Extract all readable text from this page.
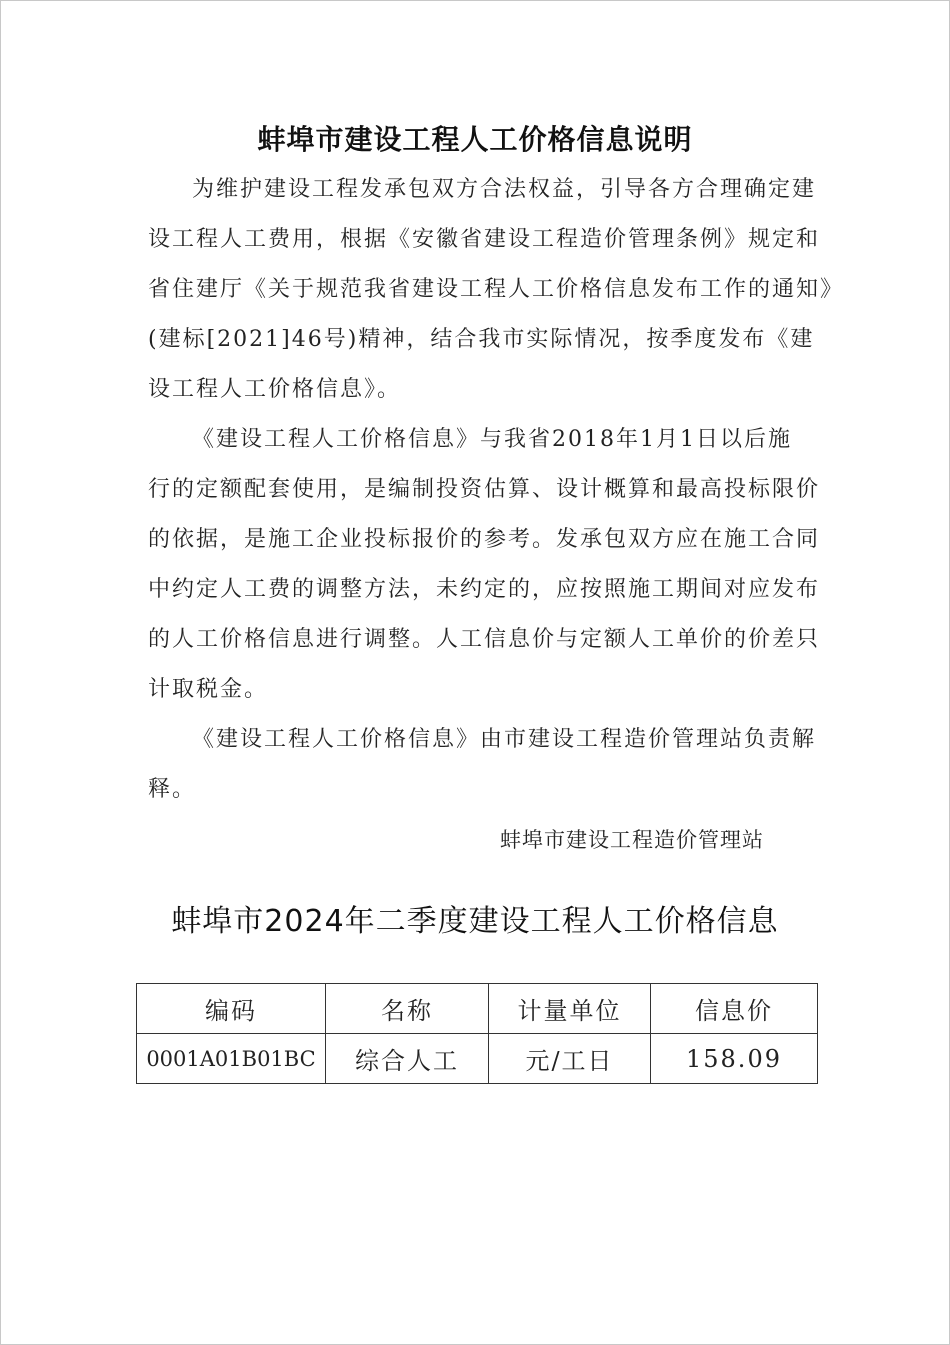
蚌埠市建设工程人工价格信息说明
为维护建设工程发承包双方合法权益，引导各方合理确定建
设工程人工费用，根据《安徽省建设工程造价管理条例》规定和
省住建厅《关于规范我省建设工程人工价格信息发布工作的通知》
(建标[2021]46号)精神，结合我市实际情况，按季度发布《建
设工程人工价格信息》。
《建设工程人工价格信息》与我省2018年1月1日以后施
行的定额配套使用，是编制投资估算、设计概算和最高投标限价
的依据，是施工企业投标报价的参考。发承包双方应在施工合同
中约定人工费的调整方法，未约定的，应按照施工期间对应发布
的人工价格信息进行调整。人工信息价与定额人工单价的价差只
计取税金。
《建设工程人工价格信息》由市建设工程造价管理站负责解
释。
蚌埠市建设工程造价管理站
蚌埠市2024年二季度建设工程人工价格信息
编码	名称	计量单位	信息价
0001A01B01BC	综合人工	元/工日	158.09
